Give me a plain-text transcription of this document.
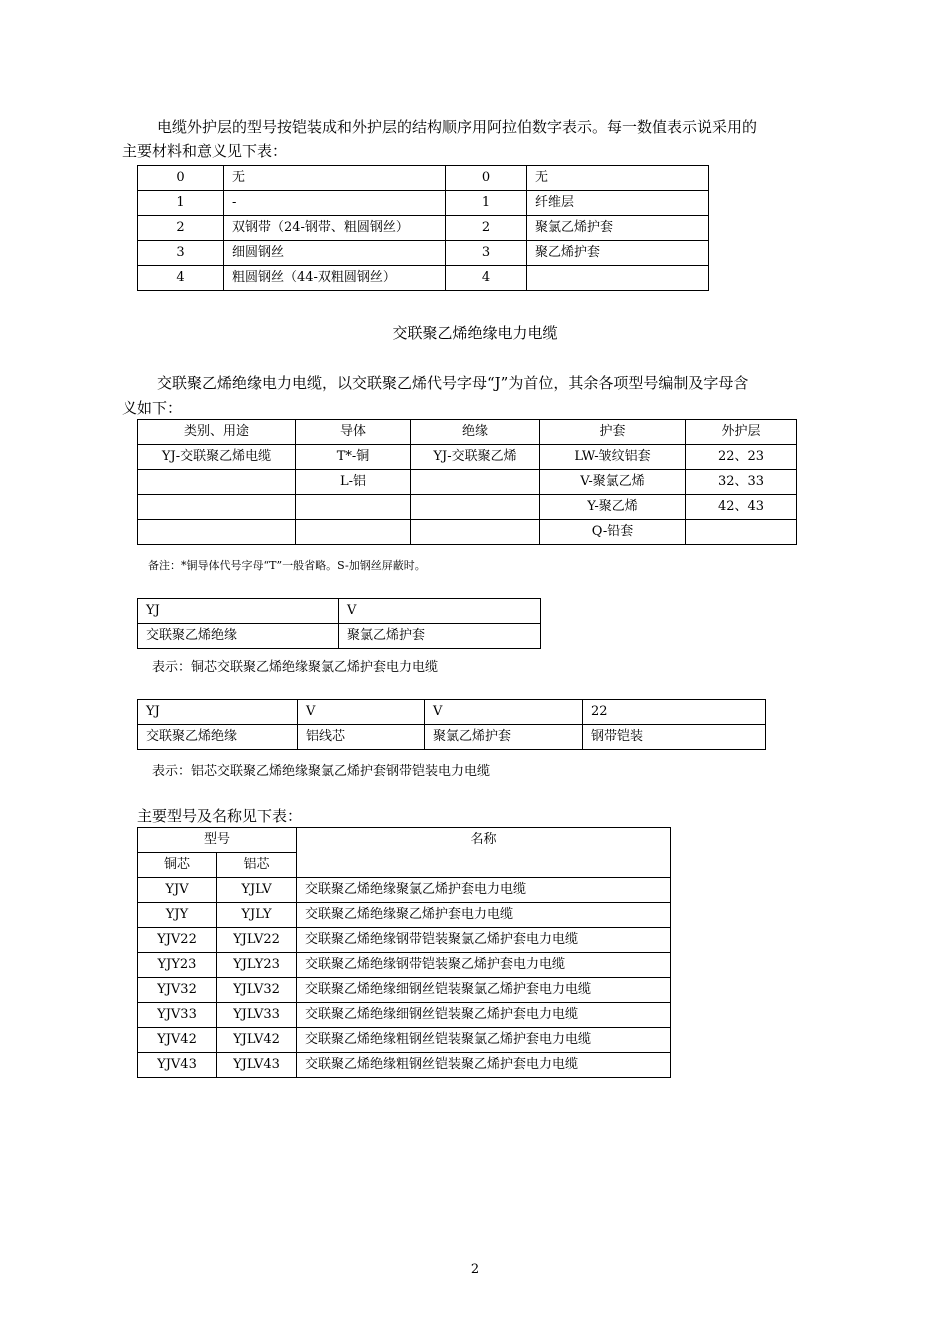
电缆外护层的型号按铠装成和外护层的结构顺序用阿拉伯数字表示。每一数值表示说采用的

主要材料和意义见下表：

0	无	0	无
1	-	1	纤维层
2	双钢带（24-钢带、粗圆钢丝）	2	聚氯乙烯护套
3	细圆钢丝	3	聚乙烯护套
4	粗圆钢丝（44-双粗圆钢丝）	4	

交联聚乙烯绝缘电力电缆

交联聚乙烯绝缘电力电缆，以交联聚乙烯代号字母“J”为首位，其余各项型号编制及字母含

义如下：

类别、用途	导体	绝缘	护套	外护层
YJ-交联聚乙烯电缆	T*-铜	YJ-交联聚乙烯	LW-皱纹铝套	22、23
	L-铝		V-聚氯乙烯	32、33
			Y-聚乙烯	42、43
			Q-铅套	

备注：*铜导体代号字母“T”一般省略。S-加钢丝屏蔽时。

YJ	V
交联聚乙烯绝缘	聚氯乙烯护套

表示：铜芯交联聚乙烯绝缘聚氯乙烯护套电力电缆

YJ	V	V	22
交联聚乙烯绝缘	铝线芯	聚氯乙烯护套	钢带铠装

表示：铝芯交联聚乙烯绝缘聚氯乙烯护套钢带铠装电力电缆

主要型号及名称见下表：

型号		名称
铜芯	铝芯	
YJV	YJLV	交联聚乙烯绝缘聚氯乙烯护套电力电缆
YJY	YJLY	交联聚乙烯绝缘聚乙烯护套电力电缆
YJV22	YJLV22	交联聚乙烯绝缘钢带铠装聚氯乙烯护套电力电缆
YJY23	YJLY23	交联聚乙烯绝缘钢带铠装聚乙烯护套电力电缆
YJV32	YJLV32	交联聚乙烯绝缘细钢丝铠装聚氯乙烯护套电力电缆
YJV33	YJLV33	交联聚乙烯绝缘细钢丝铠装聚乙烯护套电力电缆
YJV42	YJLV42	交联聚乙烯绝缘粗钢丝铠装聚氯乙烯护套电力电缆
YJV43	YJLV43	交联聚乙烯绝缘粗钢丝铠装聚乙烯护套电力电缆

2
